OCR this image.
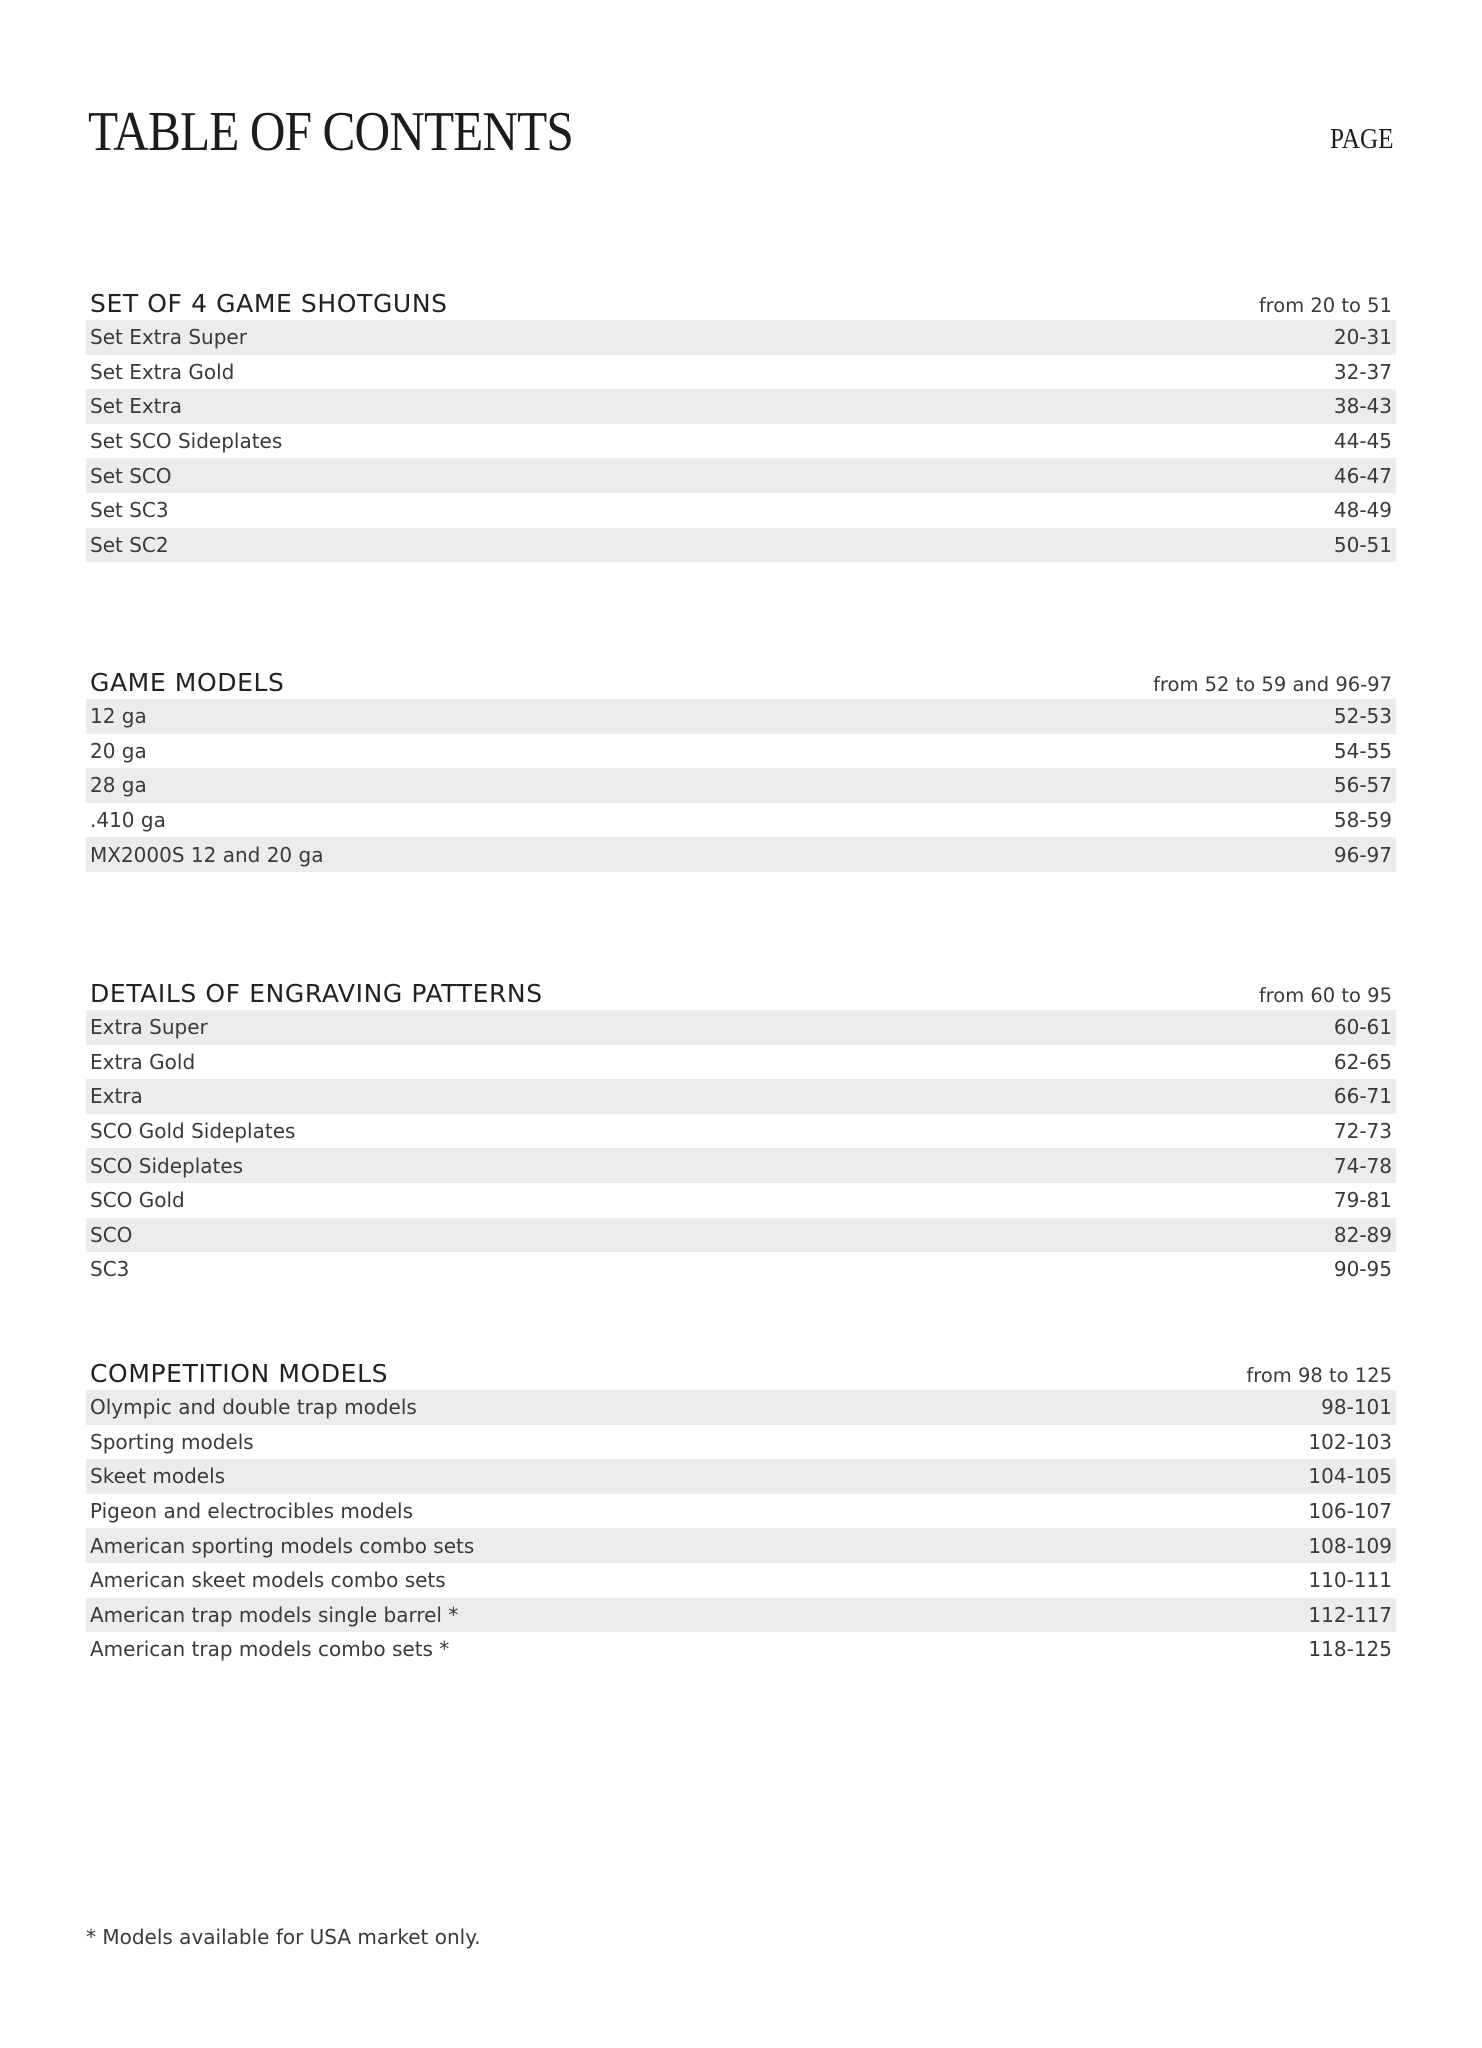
TABLE OF CONTENTS	PAGE
SET OF 4 GAME SHOTGUNS	from 20 to 51
Set Extra Super	20-31
Set Extra Gold	32-37
Set Extra	38-43
Set SCO Sideplates	44-45
Set SCO	46-47
Set SC3	48-49
Set SC2	50-51
GAME MODELS	from 52 to 59 and 96-97
12 ga	52-53
20 ga	54-55
28 ga	56-57
.410 ga	58-59
MX2000S 12 and 20 ga	96-97
DETAILS OF ENGRAVING PATTERNS	from 60 to 95
Extra Super	60-61
Extra Gold	62-65
Extra	66-71
SCO Gold Sideplates	72-73
SCO Sideplates	74-78
SCO Gold	79-81
SCO	82-89
SC3	90-95
COMPETITION MODELS	from 98 to 125
Olympic and double trap models	98-101
Sporting models	102-103
Skeet models	104-105
Pigeon and electrocibles models	106-107
American sporting models combo sets	108-109
American skeet models combo sets	110-111
American trap models single barrel *	112-117
American trap models combo sets *	118-125
* Models available for USA market only.
